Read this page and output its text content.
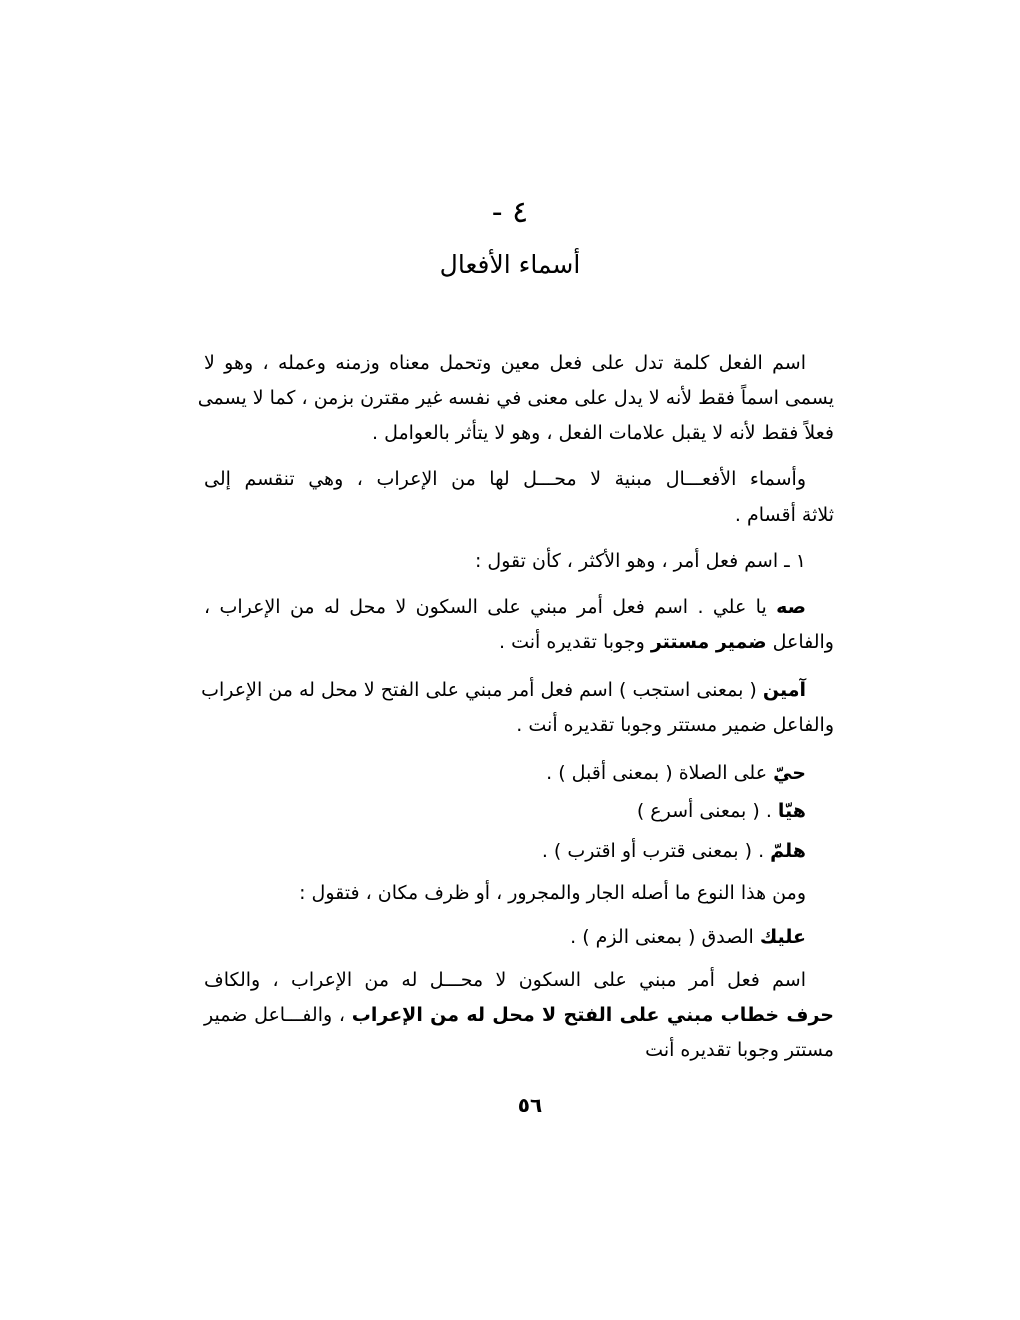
٤ -
أسماء الأفعال
اسم الفعل كلمة تدل على فعل معين وتحمل معناه وزمنه وعمله ، وهو لا
يسمى اسماً فقط لأنه لا يدل على معنى في نفسه غير مقترن بزمن ، كما لا يسمى
فعلاً فقط لأنه لا يقبل علامات الفعل ، وهو لا يتأثر بالعوامل .
وأسماء الأفعـــال مبنية لا محـــل لها من الإعراب ، وهي تنقسم إلى
ثلاثة أقسام .
١ ـ اسم فعل أمر ، وهو الأكثر ، كأن تقول :
صه يا علي . اسم فعل أمر مبني على السكون لا محل له من الإعراب ،
والفاعل ضمير مستتر وجوبا تقديره أنت .
آمين ( بمعنى استجب ) اسم فعل أمر مبني على الفتح لا محل له من الإعراب
والفاعل ضمير مستتر وجوبا تقديره أنت .
حيّ على الصلاة ( بمعنى أقبل ) .
هيّا . ( بمعنى أسرع )
هلمّ . ( بمعنى قترب أو اقترب ) .
ومن هذا النوع ما أصله الجار والمجرور ، أو ظرف مكان ، فتقول :
عليك الصدق ( بمعنى الزم ) .
اسم فعل أمر مبني على السكون لا محـــل له من الإعراب ، والكاف
حرف خطاب مبني على الفتح لا محل له من الإعراب ، والفـــاعل ضمير
مستتر وجوبا تقديره أنت
٥٦
